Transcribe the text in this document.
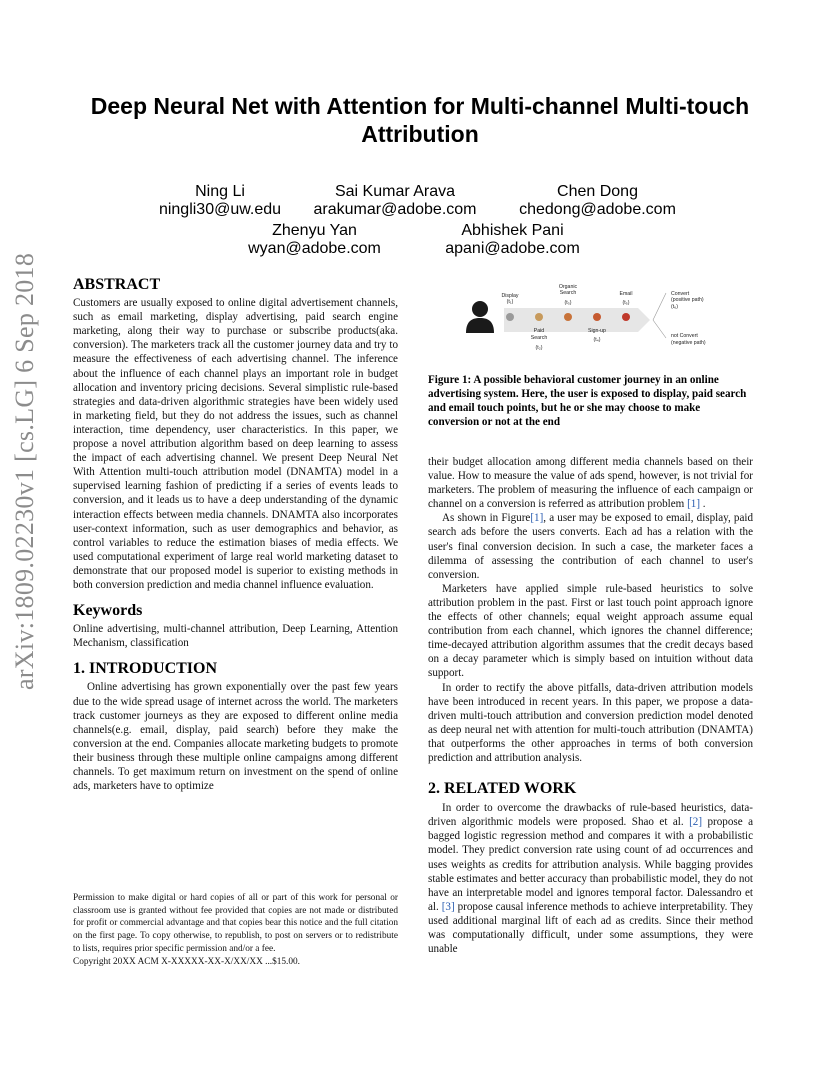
arXiv:1809.02230v1 [cs.LG] 6 Sep 2018
Deep Neural Net with Attention for Multi-channel Multi-touch Attribution
Ning Li
ningli30@uw.edu
Sai Kumar Arava
arakumar@adobe.com
Chen Dong
chedong@adobe.com
Zhenyu Yan
wyan@adobe.com
Abhishek Pani
apani@adobe.com
ABSTRACT

Customers are usually exposed to online digital advertisement channels, such as email marketing, display advertising, paid search engine marketing, along their way to purchase or subscribe products(aka. conversion). The marketers track all the customer journey data and try to measure the effectiveness of each advertising channel. The inference about the influence of each channel plays an important role in budget allocation and inventory pricing decisions. Several simplistic rule-based strategies and data-driven algorithmic strategies have been widely used in marketing field, but they do not address the issues, such as channel interaction, time dependency, user characteristics. In this paper, we propose a novel attribution algorithm based on deep learning to assess the impact of each advertising channel. We present Deep Neural Net With Attention multi-touch attribution model (DNAMTA) model in a supervised learning fashion of predicting if a series of events leads to conversion, and it leads us to have a deep understanding of the dynamic interaction effects between media channels. DNAMTA also incorporates user-context information, such as user demographics and behavior, as control variables to reduce the estimation biases of media effects. We used computational experiment of large real world marketing dataset to demonstrate that our proposed model is superior to existing methods in both conversion prediction and media channel influence evaluation.

Keywords

Online advertising, multi-channel attribution, Deep Learning, Attention Mechanism, classification

1. INTRODUCTION

Online advertising has grown exponentially over the past few years due to the wide spread usage of internet across the world. The marketers track customer journeys as they are exposed to different online media channels(e.g. email, display, paid search) before they make the conversion at the end. Companies allocate marketing budgets to promote their business through these multiple online campaigns among different channels. To get maximum return on investment on the spend of online ads, marketers have to optimize

Permission to make digital or hard copies of all or part of this work for personal or classroom use is granted without fee provided that copies are not made or distributed for profit or commercial advantage and that copies bear this notice and the full citation on the first page. To copy otherwise, to republish, to post on servers or to redistribute to lists, requires prior specific permission and/or a fee.

Copyright 20XX ACM X-XXXXX-XX-X/XX/XX ...$15.00.

Display
(t₁)
Organic
Search
(t₃)
Email
(t₅)
Paid
Search
(t₂)
Sign-up
(t₄)
Convert
(positive path)
(t₆)
not Convert
(negative path)
Figure 1: A possible behavioral customer journey in an online advertising system. Here, the user is exposed to display, paid search and email touch points, but he or she may choose to make conversion or not at the end

their budget allocation among different media channels based on their value. How to measure the value of ads spend, however, is not trivial for marketers. The problem of measuring the influence of each campaign or channel on a conversion is referred as attribution problem [1] .

As shown in Figure[1], a user may be exposed to email, display, paid search ads before the users converts. Each ad has a relation with the user's final conversion decision. In such a case, the marketer faces a dilemma of assessing the contribution of each channel to user's conversion.

Marketers have applied simple rule-based heuristics to solve attribution problem in the past. First or last touch point approach ignore the effects of other channels; equal weight approach assume equal contribution from each channel, which ignores the channel difference; time-decayed attribution algorithm assumes that the credit decays based on a decay parameter which is simply based on intuition without data support.

In order to rectify the above pitfalls, data-driven attribution models have been introduced in recent years. In this paper, we propose a data-driven multi-touch attribution and conversion prediction model denoted as deep neural net with attention for multi-touch attribution (DNAMTA) that outperforms the other approaches in terms of both conversion prediction and attribution analysis.

2. RELATED WORK

In order to overcome the drawbacks of rule-based heuristics, data-driven algorithmic models were proposed. Shao et al. [2] propose a bagged logistic regression method and compares it with a probabilistic model. They predict conversion rate using count of ad occurrences and uses weights as credits for attribution analysis. While bagging provides stable estimates and better accuracy than probabilistic model, they do not have an interpretable model and ignores temporal factor. Dalessandro et al. [3] propose causal inference methods to achieve interpretability. They used additional marginal lift of each ad as credits. Since their method was computationally difficult, under some assumptions, they were unable
